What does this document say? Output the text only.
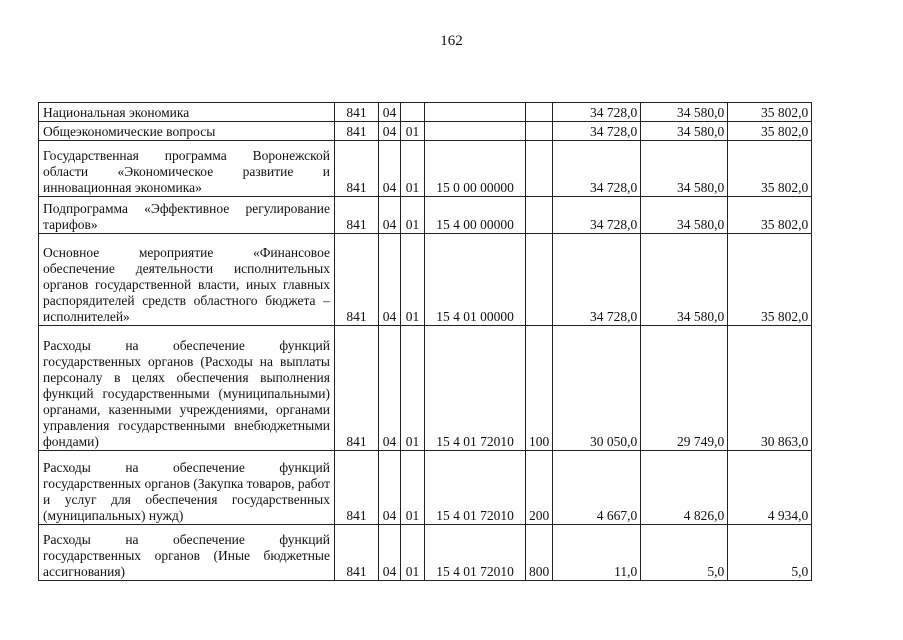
162
Национальная экономика	841	04				34 728,0	34 580,0	35 802,0
Общеэкономические вопросы	841	04	01			34 728,0	34 580,0	35 802,0
Государственная программа Воронежской области «Экономическое развитие и инновационная экономика»	841	04	01	15 0 00 00000		34 728,0	34 580,0	35 802,0
Подпрограмма «Эффективное регулирование тарифов»	841	04	01	15 4 00 00000		34 728,0	34 580,0	35 802,0
Основное мероприятие «Финансовое обеспечение деятельности исполнительных органов государственной власти, иных главных распорядителей средств областного бюджета – исполнителей»	841	04	01	15 4 01 00000		34 728,0	34 580,0	35 802,0
Расходы на обеспечение функций государственных органов (Расходы на выплаты персоналу в целях обеспечения выполнения функций государственными (муниципальными) органами, казенными учреждениями, органами управления государственными внебюджетными фондами)	841	04	01	15 4 01 72010	100	30 050,0	29 749,0	30 863,0
Расходы на обеспечение функций государственных органов (Закупка товаров, работ и услуг для обеспечения государственных (муниципальных) нужд)	841	04	01	15 4 01 72010	200	4 667,0	4 826,0	4 934,0
Расходы на обеспечение функций государственных органов (Иные бюджетные ассигнования)	841	04	01	15 4 01 72010	800	11,0	5,0	5,0
